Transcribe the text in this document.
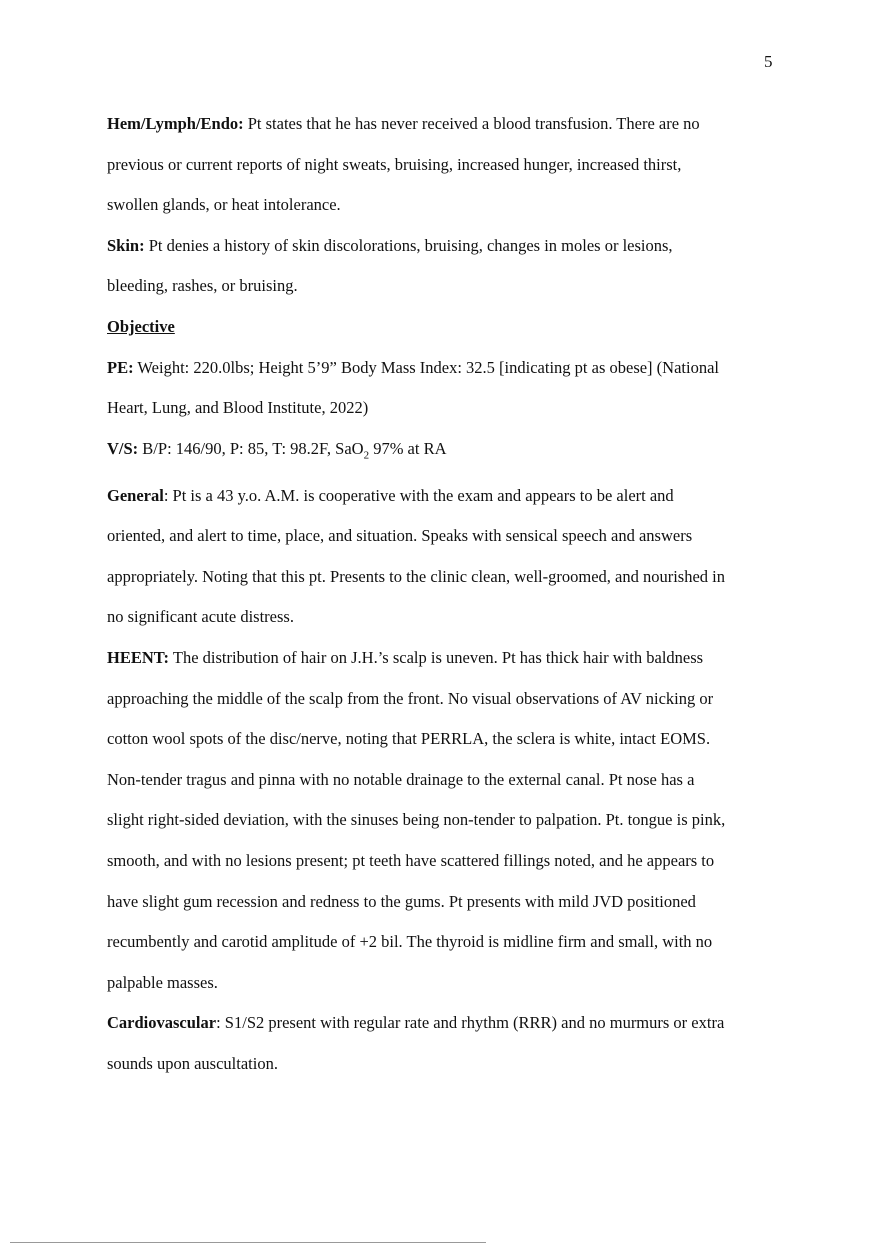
5

Hem/Lymph/Endo: Pt states that he has never received a blood transfusion. There are no
previous or current reports of night sweats, bruising, increased hunger, increased thirst,
swollen glands, or heat intolerance.

Skin: Pt denies a history of skin discolorations, bruising, changes in moles or lesions,
bleeding, rashes, or bruising.

Objective

PE: Weight: 220.0lbs; Height 5’9” Body Mass Index: 32.5 [indicating pt as obese] (National
Heart, Lung, and Blood Institute, 2022)

V/S: B/P: 146/90, P: 85, T: 98.2F, SaO$_2$ 97% at RA

General: Pt is a 43 y.o. A.M. is cooperative with the exam and appears to be alert and
oriented, and alert to time, place, and situation. Speaks with sensical speech and answers
appropriately. Noting that this pt. Presents to the clinic clean, well-groomed, and nourished in
no significant acute distress.

HEENT: The distribution of hair on J.H.’s scalp is uneven. Pt has thick hair with baldness
approaching the middle of the scalp from the front. No visual observations of AV nicking or
cotton wool spots of the disc/nerve, noting that PERRLA, the sclera is white, intact EOMS.
Non-tender tragus and pinna with no notable drainage to the external canal. Pt nose has a
slight right-sided deviation, with the sinuses being non-tender to palpation. Pt. tongue is pink,
smooth, and with no lesions present; pt teeth have scattered fillings noted, and he appears to
have slight gum recession and redness to the gums. Pt presents with mild JVD positioned
recumbently and carotid amplitude of +2 bil. The thyroid is midline firm and small, with no
palpable masses.

Cardiovascular: S1/S2 present with regular rate and rhythm (RRR) and no murmurs or extra
sounds upon auscultation.
